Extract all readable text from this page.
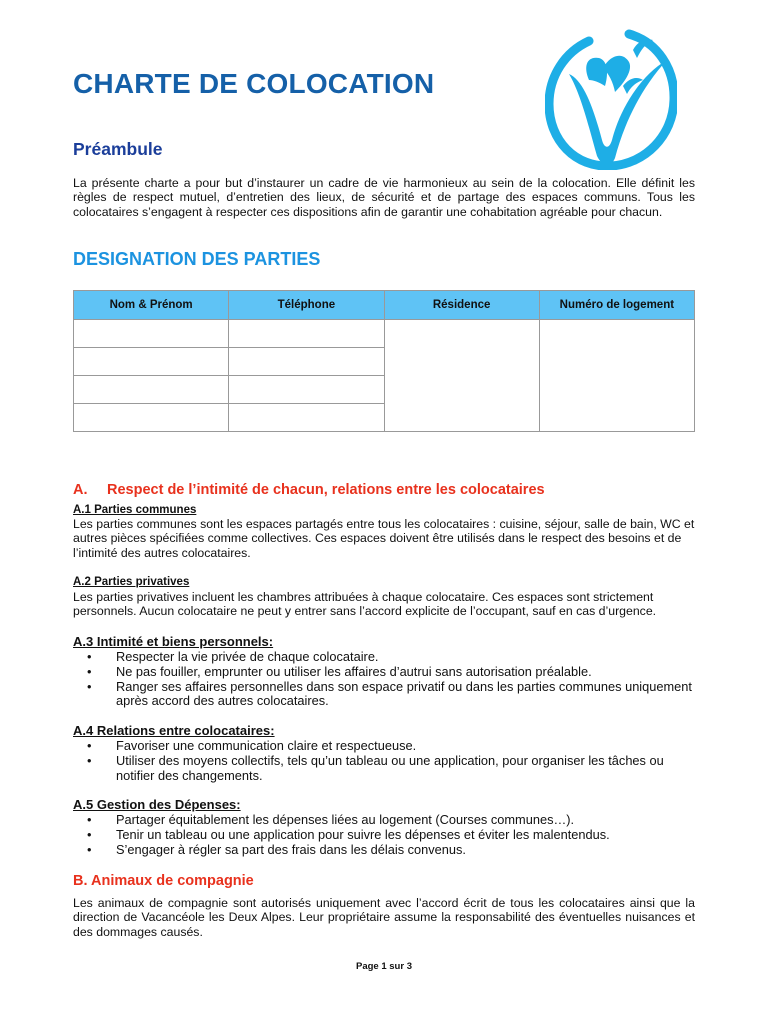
CHARTE DE COLOCATION
Préambule

La présente charte a pour but d’instaurer un cadre de vie harmonieux au sein de la colocation. Elle définit les règles de respect mutuel, d’entretien des lieux, de sécurité et de partage des espaces communs. Tous les colocataires s’engagent à respecter ces dispositions afin de garantir une cohabitation agréable pour chacun.

DESIGNATION DES PARTIES
Nom & Prénom	Téléphone	Résidence	Numéro de logement

A. Respect de l’intimité de chacun, relations entre les colocataires
A.1 Parties communes

Les parties communes sont les espaces partagés entre tous les colocataires : cuisine, séjour, salle de bain, WC et autres pièces spécifiées comme collectives. Ces espaces doivent être utilisés dans le respect des besoins et de l’intimité des autres colocataires.

A.2 Parties privatives

Les parties privatives incluent les chambres attribuées à chaque colocataire. Ces espaces sont strictement personnels. Aucun colocataire ne peut y entrer sans l’accord explicite de l’occupant, sauf en cas d’urgence.

A.3 Intimité et biens personnels:
• Respecter la vie privée de chaque colocataire.
• Ne pas fouiller, emprunter ou utiliser les affaires d’autrui sans autorisation préalable.
• Ranger ses affaires personnelles dans son espace privatif ou dans les parties communes uniquement après accord des autres colocataires.
A.4 Relations entre colocataires:
• Favoriser une communication claire et respectueuse.
• Utiliser des moyens collectifs, tels qu’un tableau ou une application, pour organiser les tâches ou notifier des changements.
A.5 Gestion des Dépenses:
• Partager équitablement les dépenses liées au logement (Courses communes…).
• Tenir un tableau ou une application pour suivre les dépenses et éviter les malentendus.
• S’engager à régler sa part des frais dans les délais convenus.
B. Animaux de compagnie

Les animaux de compagnie sont autorisés uniquement avec l’accord écrit de tous les colocataires ainsi que la direction de Vacancéole les Deux Alpes. Leur propriétaire assume la responsabilité des éventuelles nuisances et des dommages causés.

Page 1 sur 3
